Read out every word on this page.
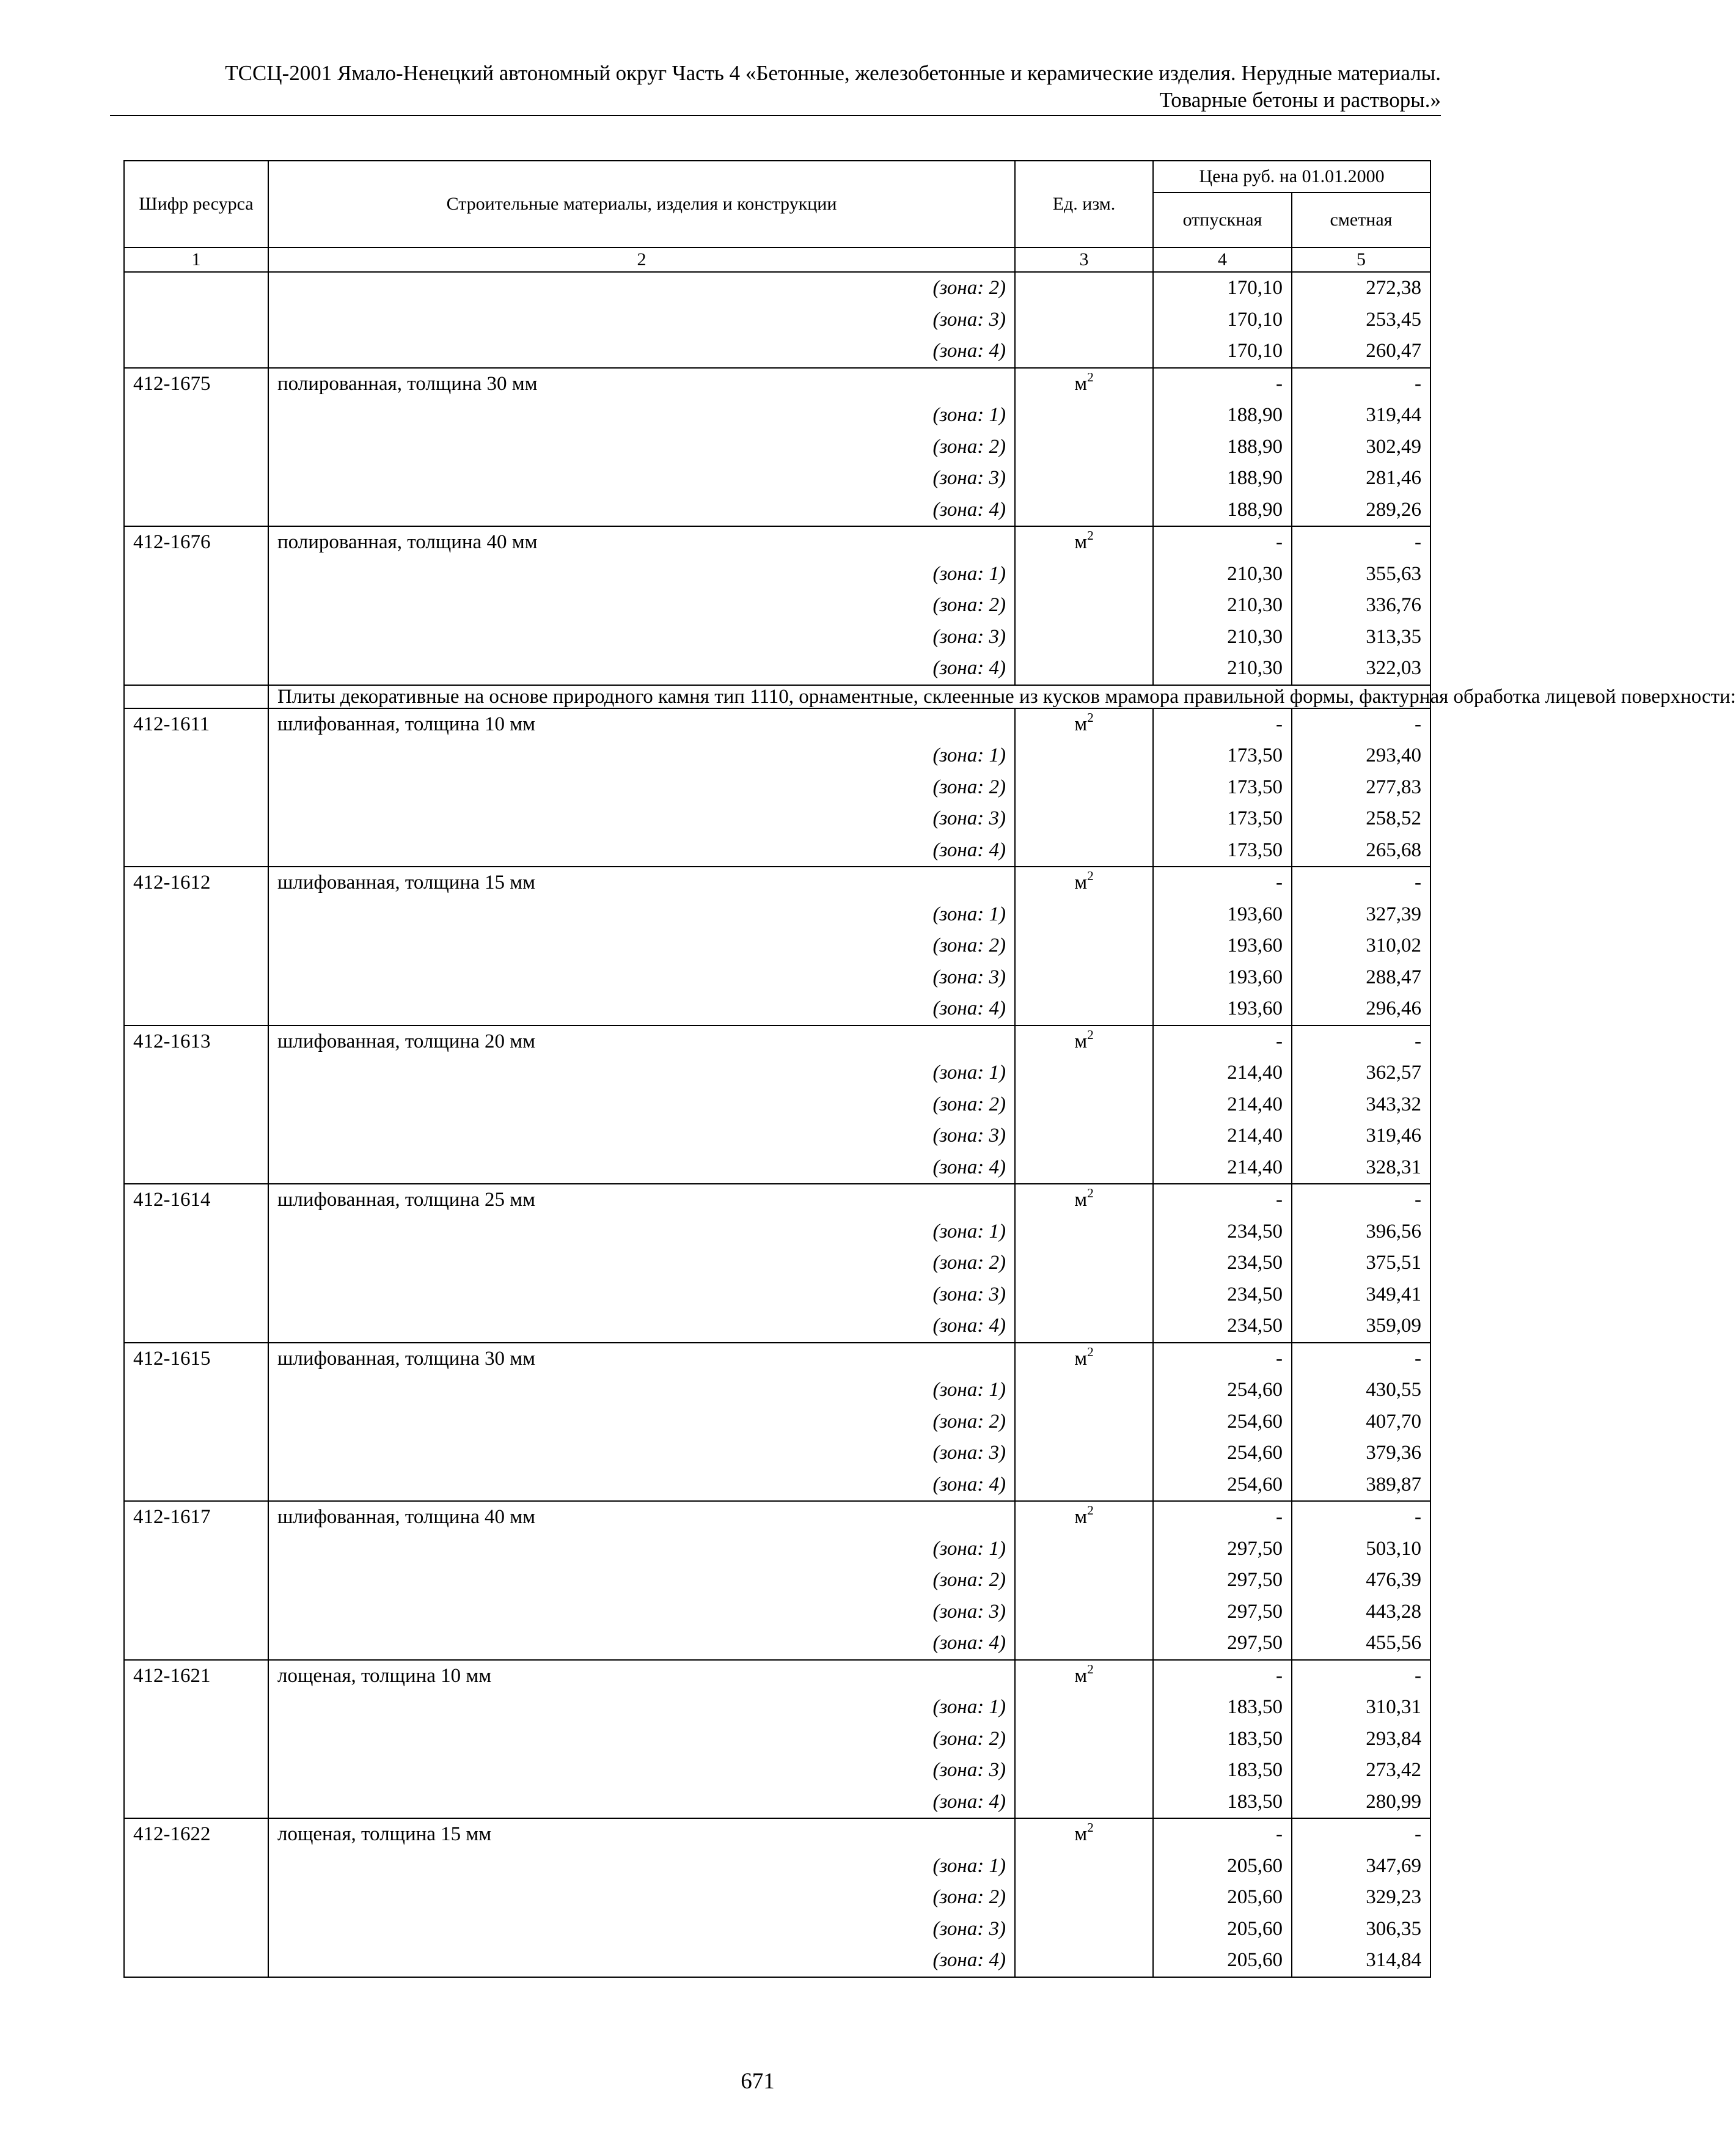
ТССЦ-2001 Ямало-Ненецкий автономный округ Часть 4 «Бетонные, железобетонные и керамические изделия. Нерудные материалы.
Товарные бетоны и растворы.»
Шифр ресурса	Строительные материалы, изделия и конструкции	Ед. изм.	Цена руб. на 01.01.2000	
			отпускная	сметная
1	2	3	4	5
	(зона: 2)		170,10	272,38
	(зона: 3)		170,10	253,45
	(зона: 4)		170,10	260,47
412-1675	полированная, толщина 30 мм	$м^2$	-	-
	(зона: 1)		188,90	319,44
	(зона: 2)		188,90	302,49
	(зона: 3)		188,90	281,46
	(зона: 4)		188,90	289,26
412-1676	полированная, толщина 40 мм	$м^2$	-	-
	(зона: 1)		210,30	355,63
	(зона: 2)		210,30	336,76
	(зона: 3)		210,30	313,35
	(зона: 4)		210,30	322,03
	Плиты декоративные на основе природного камня тип 1110, орнаментные, склеенные из кусков мрамора правильной формы, фактурная обработка лицевой поверхности:			
412-1611	шлифованная, толщина 10 мм	$м^2$	-	-
	(зона: 1)		173,50	293,40
	(зона: 2)		173,50	277,83
	(зона: 3)		173,50	258,52
	(зона: 4)		173,50	265,68
412-1612	шлифованная, толщина 15 мм	$м^2$	-	-
	(зона: 1)		193,60	327,39
	(зона: 2)		193,60	310,02
	(зона: 3)		193,60	288,47
	(зона: 4)		193,60	296,46
412-1613	шлифованная, толщина 20 мм	$м^2$	-	-
	(зона: 1)		214,40	362,57
	(зона: 2)		214,40	343,32
	(зона: 3)		214,40	319,46
	(зона: 4)		214,40	328,31
412-1614	шлифованная, толщина 25 мм	$м^2$	-	-
	(зона: 1)		234,50	396,56
	(зона: 2)		234,50	375,51
	(зона: 3)		234,50	349,41
	(зона: 4)		234,50	359,09
412-1615	шлифованная, толщина 30 мм	$м^2$	-	-
	(зона: 1)		254,60	430,55
	(зона: 2)		254,60	407,70
	(зона: 3)		254,60	379,36
	(зона: 4)		254,60	389,87
412-1617	шлифованная, толщина 40 мм	$м^2$	-	-
	(зона: 1)		297,50	503,10
	(зона: 2)		297,50	476,39
	(зона: 3)		297,50	443,28
	(зона: 4)		297,50	455,56
412-1621	лощеная, толщина 10 мм	$м^2$	-	-
	(зона: 1)		183,50	310,31
	(зона: 2)		183,50	293,84
	(зона: 3)		183,50	273,42
	(зона: 4)		183,50	280,99
412-1622	лощеная, толщина 15 мм	$м^2$	-	-
	(зона: 1)		205,60	347,69
	(зона: 2)		205,60	329,23
	(зона: 3)		205,60	306,35
	(зона: 4)		205,60	314,84
671
